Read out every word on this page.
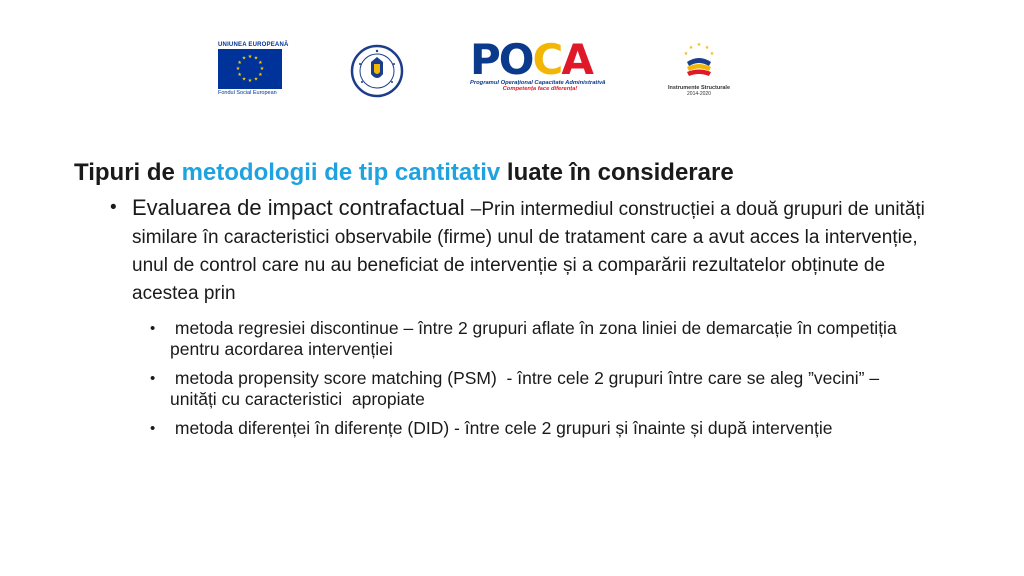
UNIUNEA EUROPEANĂ
★ ★
★
★
★
★
★
★
★
★
★
★
Fondul Social European
P O C A
Programul Operațional Capacitate Administrativă
Competența face diferența!
★ ★
★
★
★
Instrumente Structurale
2014-2020
Tipuri de metodologii de tip cantitativ luate în considerare
• Evaluarea de impact contrafactual –Prin intermediul construcției a două grupuri de unități similare în caracteristici observabile (firme) unul de tratament care a avut acces la intervenție, unul de control care nu au beneficiat de intervenție și a comparării rezultatelor obținute de acestea prin
• metoda regresiei discontinue – între 2 grupuri aflate în zona liniei de demarcație în competiția pentru acordarea intervenției
• metoda propensity score matching (PSM)  - între cele 2 grupuri între care se aleg ”vecini” – unități cu caracteristici  apropiate
• metoda diferenței în diferențe (DID) - între cele 2 grupuri și înainte și după intervenție
